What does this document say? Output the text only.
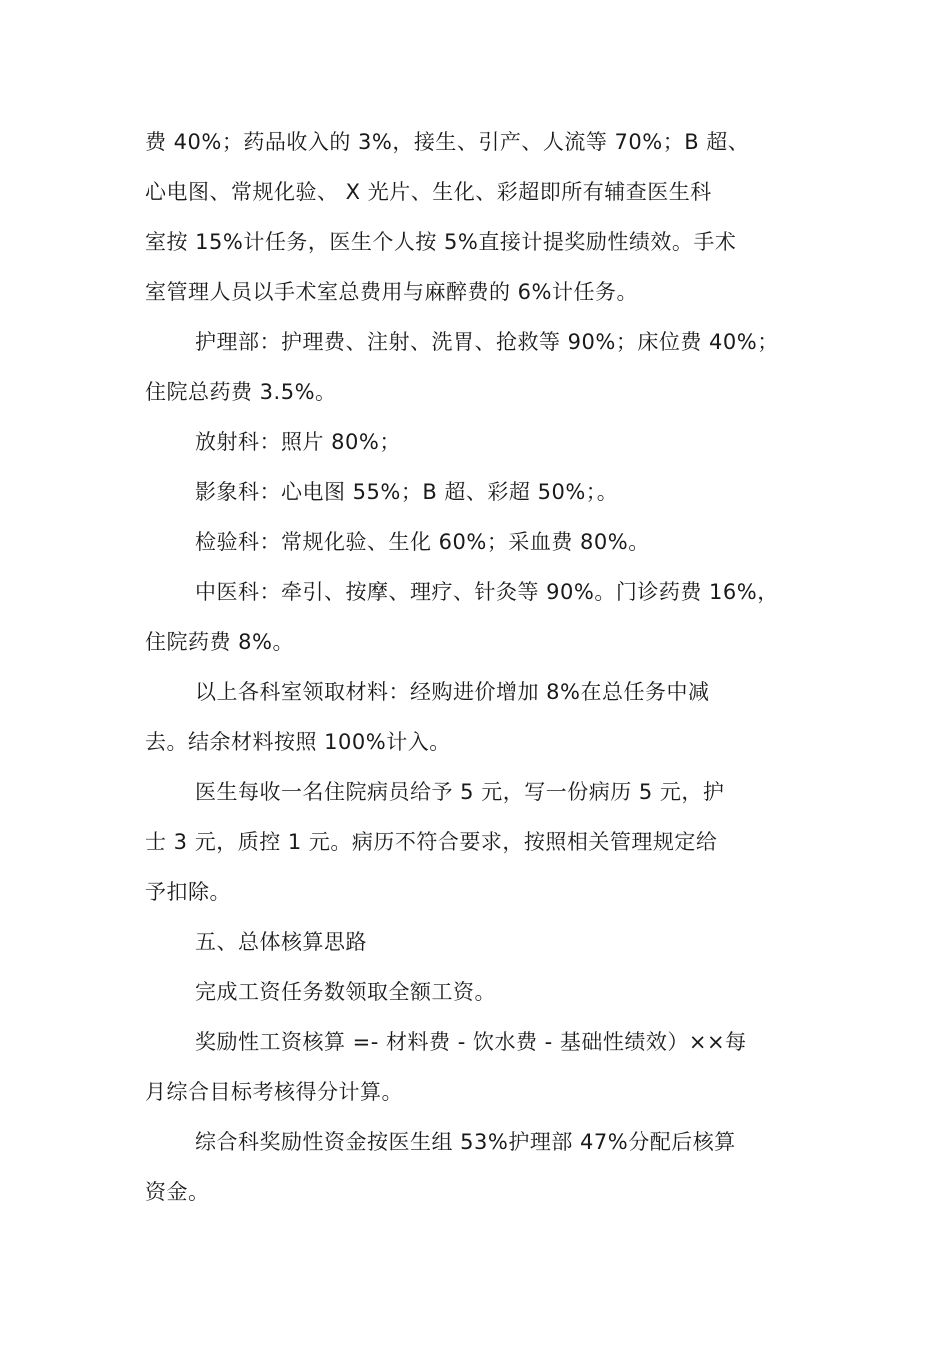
费 40%；药品收入的 3%，接生、引产、人流等 70%；B 超、
心电图、常规化验、 X 光片、生化、彩超即所有辅查医生科
室按 15%计任务，医生个人按 5%直接计提奖励性绩效。手术
室管理人员以手术室总费用与麻醉费的 6%计任务。
护理部：护理费、注射、洗胃、抢救等 90%；床位费 40%；
住院总药费 3.5%。
放射科：照片 80%；
影象科：心电图 55%；B 超、彩超 50%；。
检验科：常规化验、生化 60%；采血费 80%。
中医科：牵引、按摩、理疗、针灸等 90%。门诊药费 16%，
住院药费 8%。
以上各科室领取材料：经购进价增加 8%在总任务中减
去。结余材料按照 100%计入。
医生每收一名住院病员给予 5 元，写一份病历 5 元，护
士 3 元，质控 1 元。病历不符合要求，按照相关管理规定给
予扣除。
五、总体核算思路
完成工资任务数领取全额工资。
奖励性工资核算 =- 材料费 - 饮水费 - 基础性绩效）××每
月综合目标考核得分计算。
综合科奖励性资金按医生组 53%护理部 47%分配后核算
资金。
